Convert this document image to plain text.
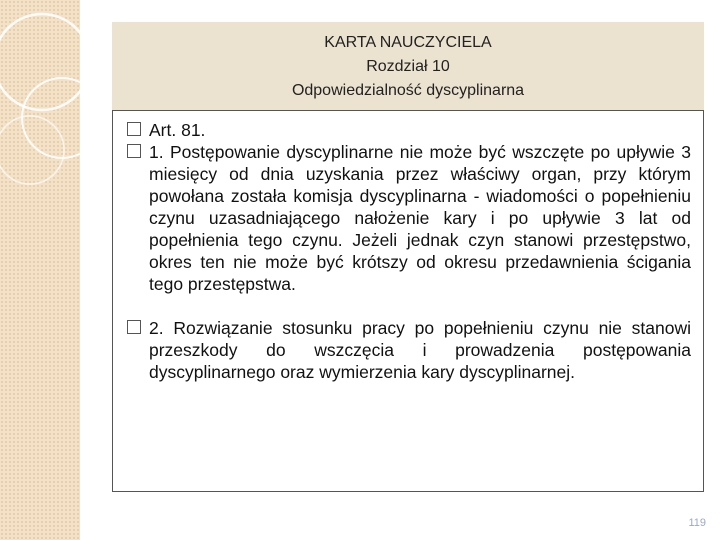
KARTA NAUCZYCIELA
Rozdział 10
Odpowiedzialność dyscyplinarna
Art. 81.
1. Postępowanie dyscyplinarne nie może być wszczęte po upływie 3 miesięcy od dnia uzyskania przez właściwy organ, przy którym powołana została komisja dyscyplinarna - wiadomości o popełnieniu czynu uzasadniającego nałożenie kary i po upływie 3 lat od popełnienia tego czynu. Jeżeli jednak czyn stanowi przestępstwo, okres ten nie może być krótszy od okresu przedawnienia ścigania tego przestępstwa.
2. Rozwiązanie stosunku pracy po popełnieniu czynu nie stanowi przeszkody do wszczęcia i prowadzenia postępowania dyscyplinarnego oraz wymierzenia kary dyscyplinarnej.
119
